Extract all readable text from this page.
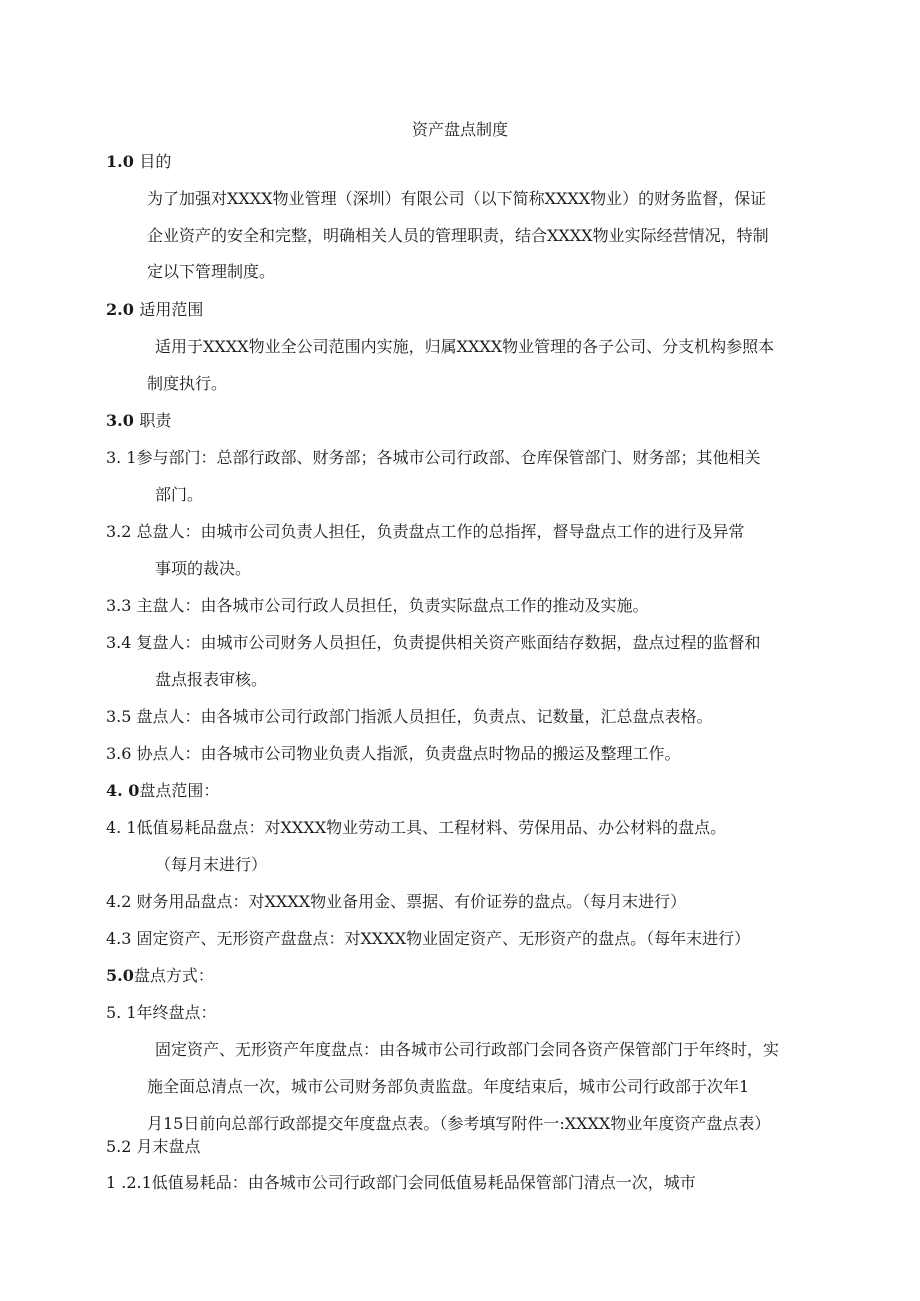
资产盘点制度
1.0 目的
为了加强对XXXX物业管理（深圳）有限公司（以下简称XXXX物业）的财务监督，保证
企业资产的安全和完整，明确相关人员的管理职责，结合XXXX物业实际经营情况，特制
定以下管理制度。
2.0 适用范围
适用于XXXX物业全公司范围内实施，归属XXXX物业管理的各子公司、分支机构参照本
制度执行。
3.0 职责
3. 1参与部门：总部行政部、财务部；各城市公司行政部、仓库保管部门、财务部；其他相关
部门。
3.2 总盘人：由城市公司负责人担任，负责盘点工作的总指挥，督导盘点工作的进行及异常
事项的裁决。
3.3 主盘人：由各城市公司行政人员担任，负责实际盘点工作的推动及实施。
3.4 复盘人：由城市公司财务人员担任，负责提供相关资产账面结存数据，盘点过程的监督和
盘点报表审核。
3.5 盘点人：由各城市公司行政部门指派人员担任，负责点、记数量，汇总盘点表格。
3.6 协点人：由各城市公司物业负责人指派，负责盘点时物品的搬运及整理工作。
4. 0盘点范围：
4. 1低值易耗品盘点：对XXXX物业劳动工具、工程材料、劳保用品、办公材料的盘点。
（每月末进行）
4.2 财务用品盘点：对XXXX物业备用金、票据、有价证券的盘点。（每月末进行）
4.3 固定资产、无形资产盘盘点：对XXXX物业固定资产、无形资产的盘点。（每年末进行）
5.0盘点方式：
5. 1年终盘点：
固定资产、无形资产年度盘点：由各城市公司行政部门会同各资产保管部门于年终时，实
施全面总清点一次，城市公司财务部负责监盘。年度结束后，城市公司行政部于次年1
月15日前向总部行政部提交年度盘点表。（参考填写附件一:XXXX物业年度资产盘点表）
5.2 月末盘点
1 .2.1低值易耗品：由各城市公司行政部门会同低值易耗品保管部门清点一次，城市
